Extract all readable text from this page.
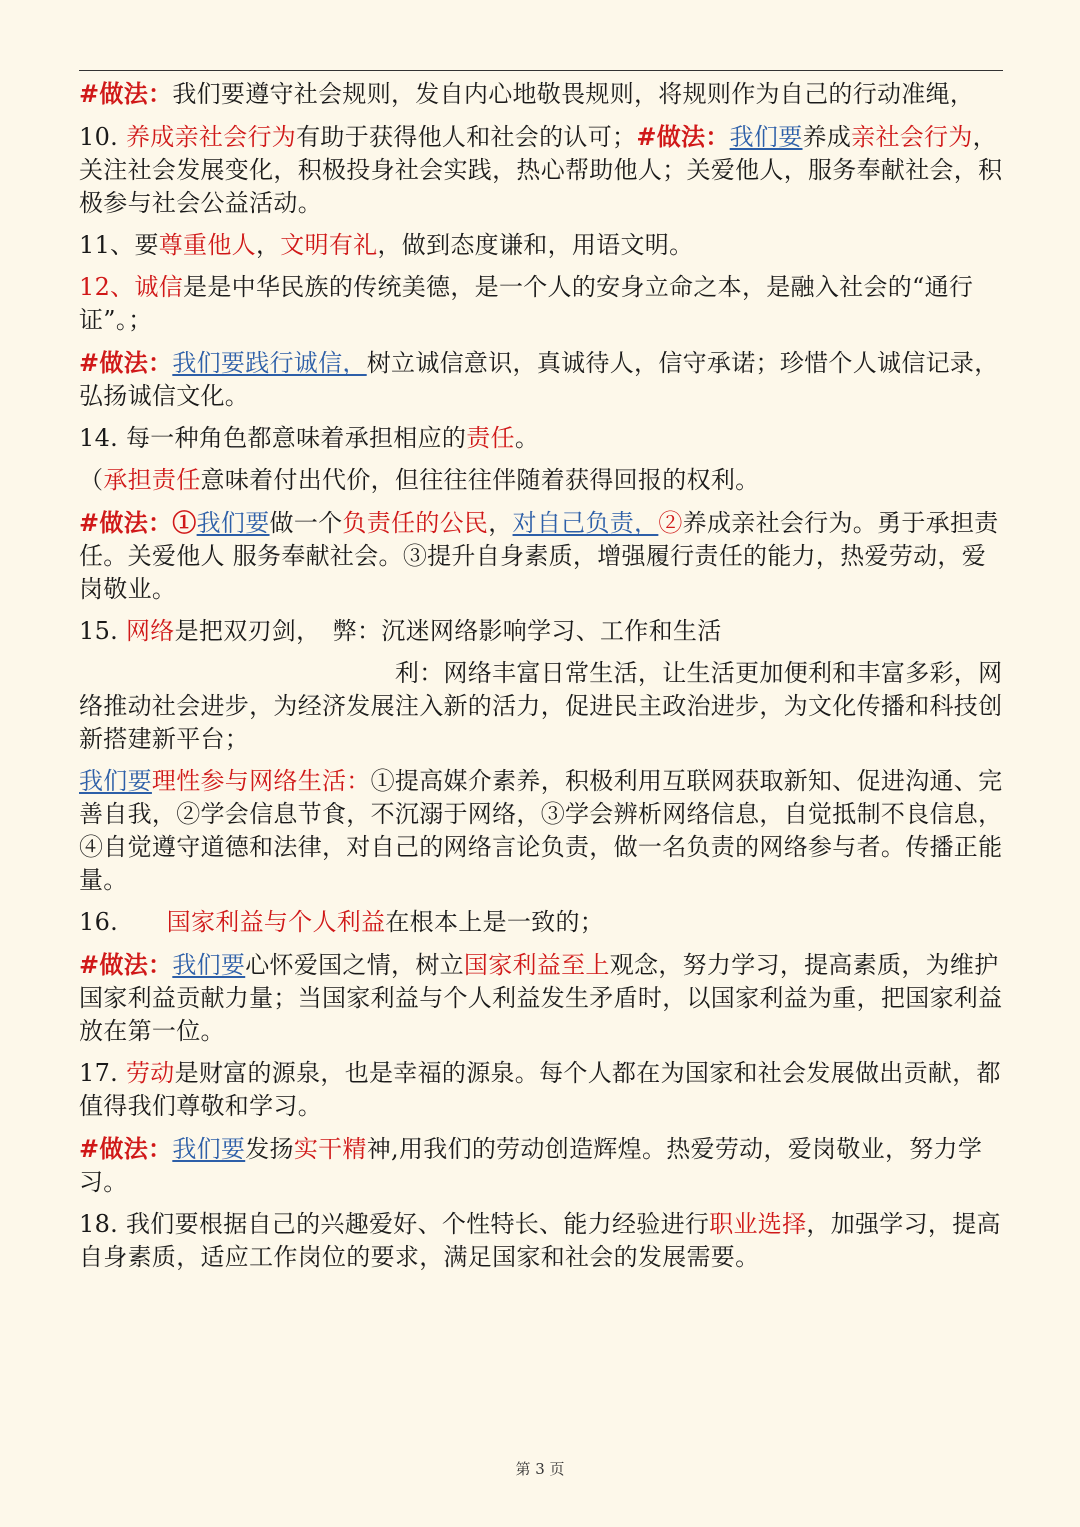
#做法：我们要遵守社会规则，发自内心地敬畏规则，将规则作为自己的行动准绳，

10. 养成亲社会行为有助于获得他人和社会的认可；#做法：我们要养成亲社会行为，关注社会发展变化，积极投身社会实践，热心帮助他人；关爱他人，服务奉献社会，积极参与社会公益活动。

11、要尊重他人，文明有礼，做到态度谦和，用语文明。

12、诚信是是中华民族的传统美德，是一个人的安身立命之本，是融入社会的“通行证”。；

#做法：我们要践行诚信，树立诚信意识，真诚待人，信守承诺；珍惜个人诚信记录，弘扬诚信文化。

14. 每一种角色都意味着承担相应的责任。

（承担责任意味着付出代价，但往往往伴随着获得回报的权利。

#做法：①我们要做一个负责任的公民，对自己负责，②养成亲社会行为。勇于承担责任。关爱他人 服务奉献社会。③提升自身素质，增强履行责任的能力，热爱劳动，爱岗敬业。

15. 网络是把双刃剑，　弊：沉迷网络影响学习、工作和生活

　　　　　　　　　　　　　利：网络丰富日常生活，让生活更加便利和丰富多彩，网络推动社会进步，为经济发展注入新的活力，促进民主政治进步，为文化传播和科技创新搭建新平台；

我们要理性参与网络生活：①提高媒介素养，积极利用互联网获取新知、促进沟通、完善自我，②学会信息节食，不沉溺于网络，③学会辨析网络信息，自觉抵制不良信息，④自觉遵守道德和法律，对自己的网络言论负责，做一名负责的网络参与者。传播正能量。

16.　　国家利益与个人利益在根本上是一致的；

#做法：我们要心怀爱国之情，树立国家利益至上观念，努力学习，提高素质，为维护国家利益贡献力量；当国家利益与个人利益发生矛盾时，以国家利益为重，把国家利益放在第一位。

17. 劳动是财富的源泉，也是幸福的源泉。每个人都在为国家和社会发展做出贡献，都值得我们尊敬和学习。

#做法：我们要发扬实干精神,用我们的劳动创造辉煌。热爱劳动，爱岗敬业，努力学习。

18. 我们要根据自己的兴趣爱好、个性特长、能力经验进行职业选择，加强学习，提高自身素质，适应工作岗位的要求，满足国家和社会的发展需要。

第 3 页
